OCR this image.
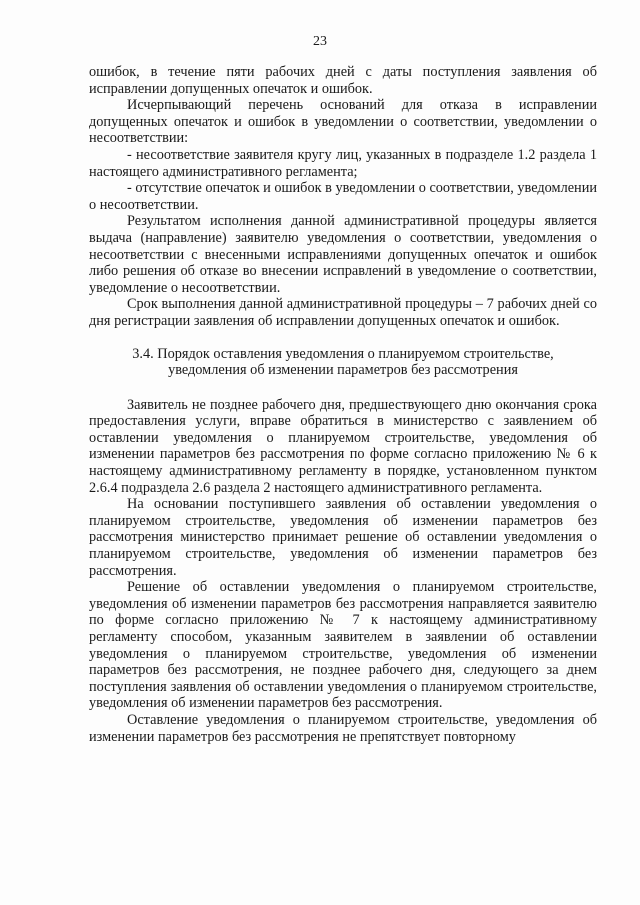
23

ошибок, в течение пяти рабочих дней с даты поступления заявления об исправлении допущенных опечаток и ошибок.

Исчерпывающий перечень оснований для отказа в исправлении допущенных опечаток и ошибок в уведомлении о соответствии, уведомлении о несоответствии:

- несоответствие заявителя кругу лиц, указанных в подразделе 1.2 раздела 1 настоящего административного регламента;

- отсутствие опечаток и ошибок в уведомлении о соответствии, уведомлении о несоответствии.

Результатом исполнения данной административной процедуры является выдача (направление) заявителю уведомления о соответствии, уведомления о несоответствии с внесенными исправлениями допущенных опечаток и ошибок либо решения об отказе во внесении исправлений в уведомление о соответствии, уведомление о несоответствии.

Срок выполнения данной административной процедуры – 7 рабочих дней со дня регистрации заявления об исправлении допущенных опечаток и ошибок.

3.4. Порядок оставления уведомления о планируемом строительстве,

уведомления об изменении параметров без рассмотрения

Заявитель не позднее рабочего дня, предшествующего дню окончания срока предоставления услуги, вправе обратиться в министерство с заявлением об оставлении уведомления о планируемом строительстве, уведомления об изменении параметров без рассмотрения по форме согласно приложению № 6 к настоящему административному регламенту в порядке, установленном пунктом 2.6.4 подраздела 2.6 раздела 2 настоящего административного регламента.

На основании поступившего заявления об оставлении уведомления о планируемом строительстве, уведомления об изменении параметров без рассмотрения министерство принимает решение об оставлении уведомления о планируемом строительстве, уведомления об изменении параметров без рассмотрения.

Решение об оставлении уведомления о планируемом строительстве, уведомления об изменении параметров без рассмотрения направляется заявителю по форме согласно приложению № 7 к настоящему административному регламенту способом, указанным заявителем в заявлении об оставлении уведомления о планируемом строительстве, уведомления об изменении параметров без рассмотрения, не позднее рабочего дня, следующего за днем поступления заявления об оставлении уведомления о планируемом строительстве, уведомления об изменении параметров без рассмотрения.

Оставление уведомления о планируемом строительстве, уведомления об изменении параметров без рассмотрения не препятствует повторному
